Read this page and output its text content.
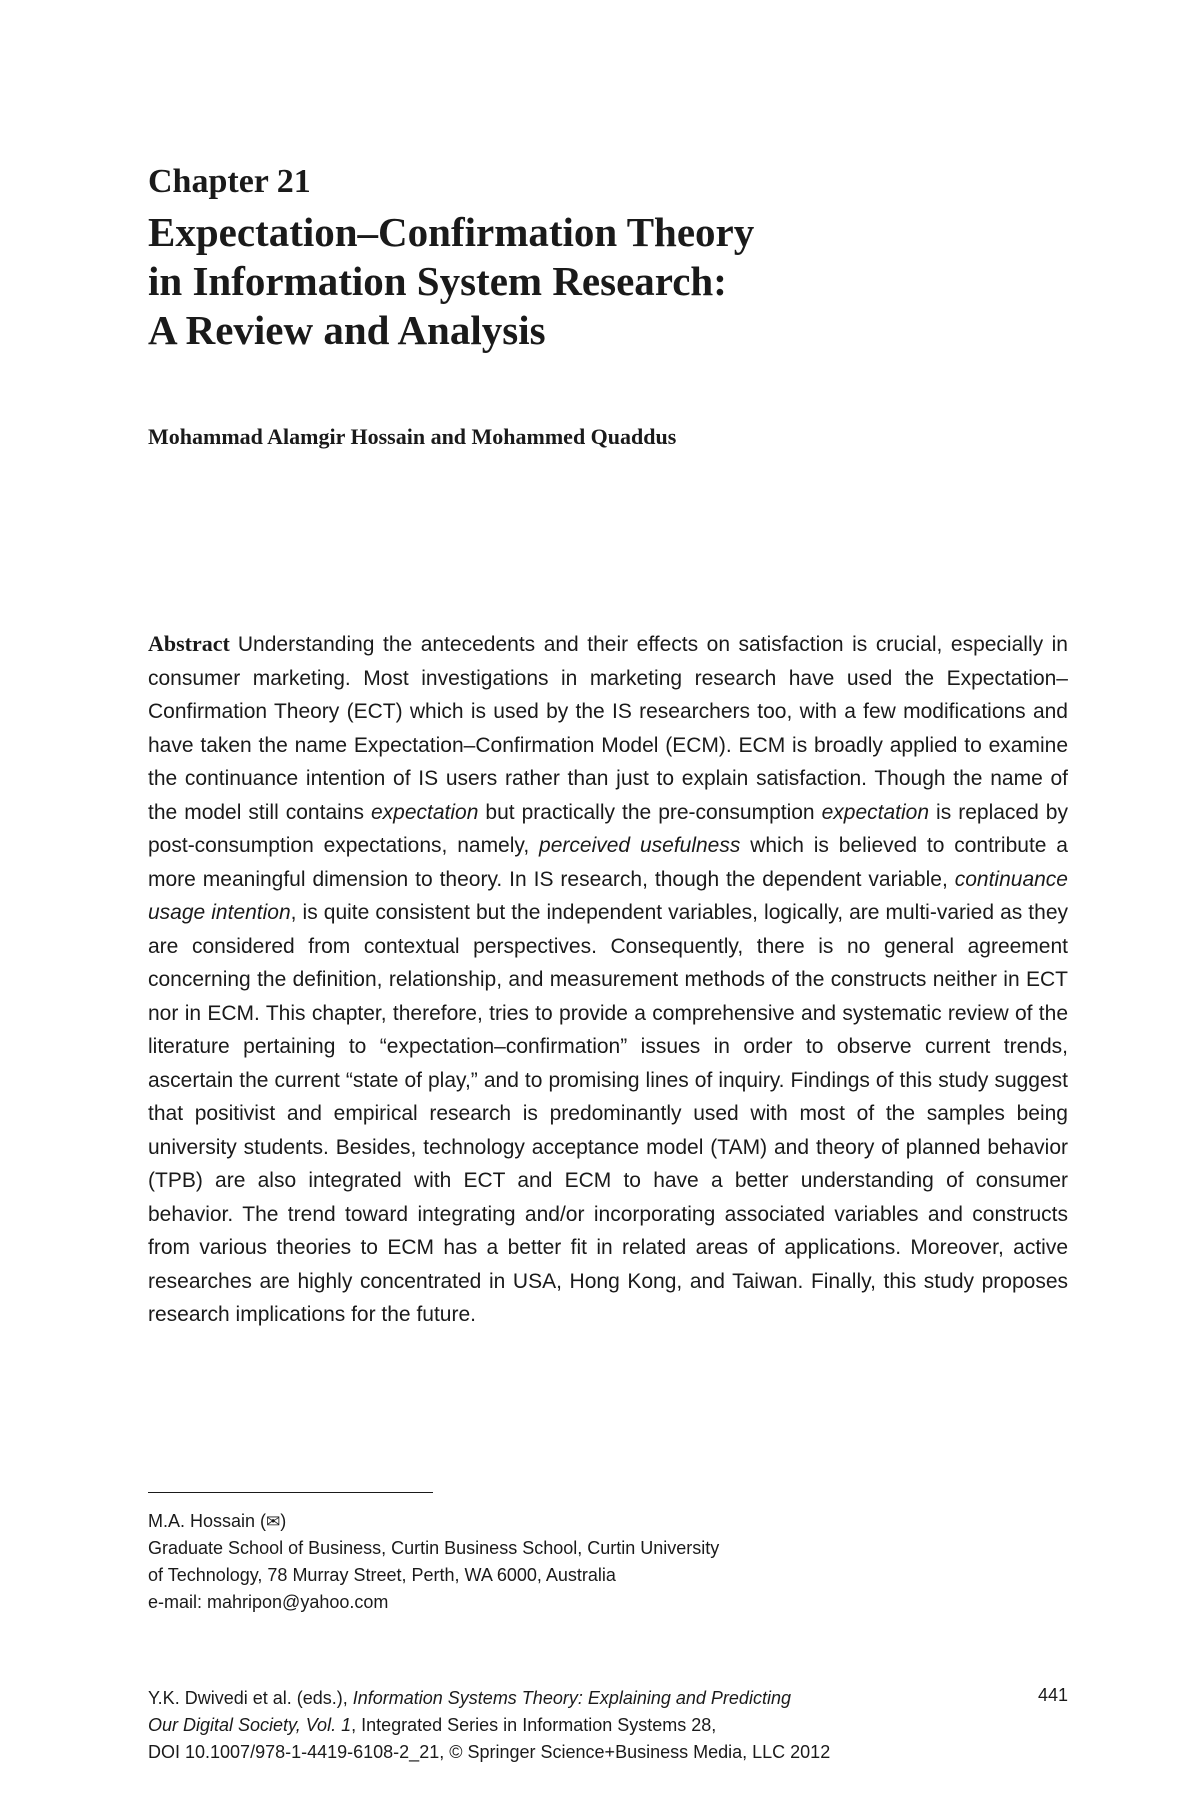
Chapter 21
Expectation–Confirmation Theory
in Information System Research:
A Review and Analysis
Mohammad Alamgir Hossain and Mohammed Quaddus

Abstract Understanding the antecedents and their effects on satisfaction is crucial, especially in consumer marketing. Most investigations in marketing research have used the Expectation–Confirmation Theory (ECT) which is used by the IS researchers too, with a few modifications and have taken the name Expectation–Confirmation Model (ECM). ECM is broadly applied to examine the continuance intention of IS users rather than just to explain satisfaction. Though the name of the model still contains expectation but practically the pre-consumption expectation is replaced by post-consumption expectations, namely, perceived usefulness which is believed to contribute a more meaningful dimension to theory. In IS research, though the dependent variable, continuance usage intention, is quite consistent but the independent variables, logically, are multi-varied as they are considered from contextual perspectives. Consequently, there is no general agreement concerning the definition, relationship, and measurement methods of the constructs neither in ECT nor in ECM. This chapter, therefore, tries to provide a comprehensive and systematic review of the literature pertaining to “expectation–confirmation” issues in order to observe current trends, ascertain the current “state of play,” and to promising lines of inquiry. Findings of this study suggest that positivist and empirical research is predominantly used with most of the samples being university students. Besides, technology acceptance model (TAM) and theory of planned behavior (TPB) are also integrated with ECT and ECM to have a better understanding of consumer behavior. The trend toward integrating and/or incorporating associated variables and constructs from various theories to ECM has a better fit in related areas of applications. Moreover, active researches are highly concentrated in USA, Hong Kong, and Taiwan. Finally, this study proposes research implications for the future.

M.A. Hossain (✉)
Graduate School of Business, Curtin Business School, Curtin University
of Technology, 78 Murray Street, Perth, WA 6000, Australia
e-mail: mahripon@yahoo.com
Y.K. Dwivedi et al. (eds.), Information Systems Theory: Explaining and Predicting
Our Digital Society, Vol. 1, Integrated Series in Information Systems 28,
DOI 10.1007/978-1-4419-6108-2_21, © Springer Science+Business Media, LLC 2012
441
